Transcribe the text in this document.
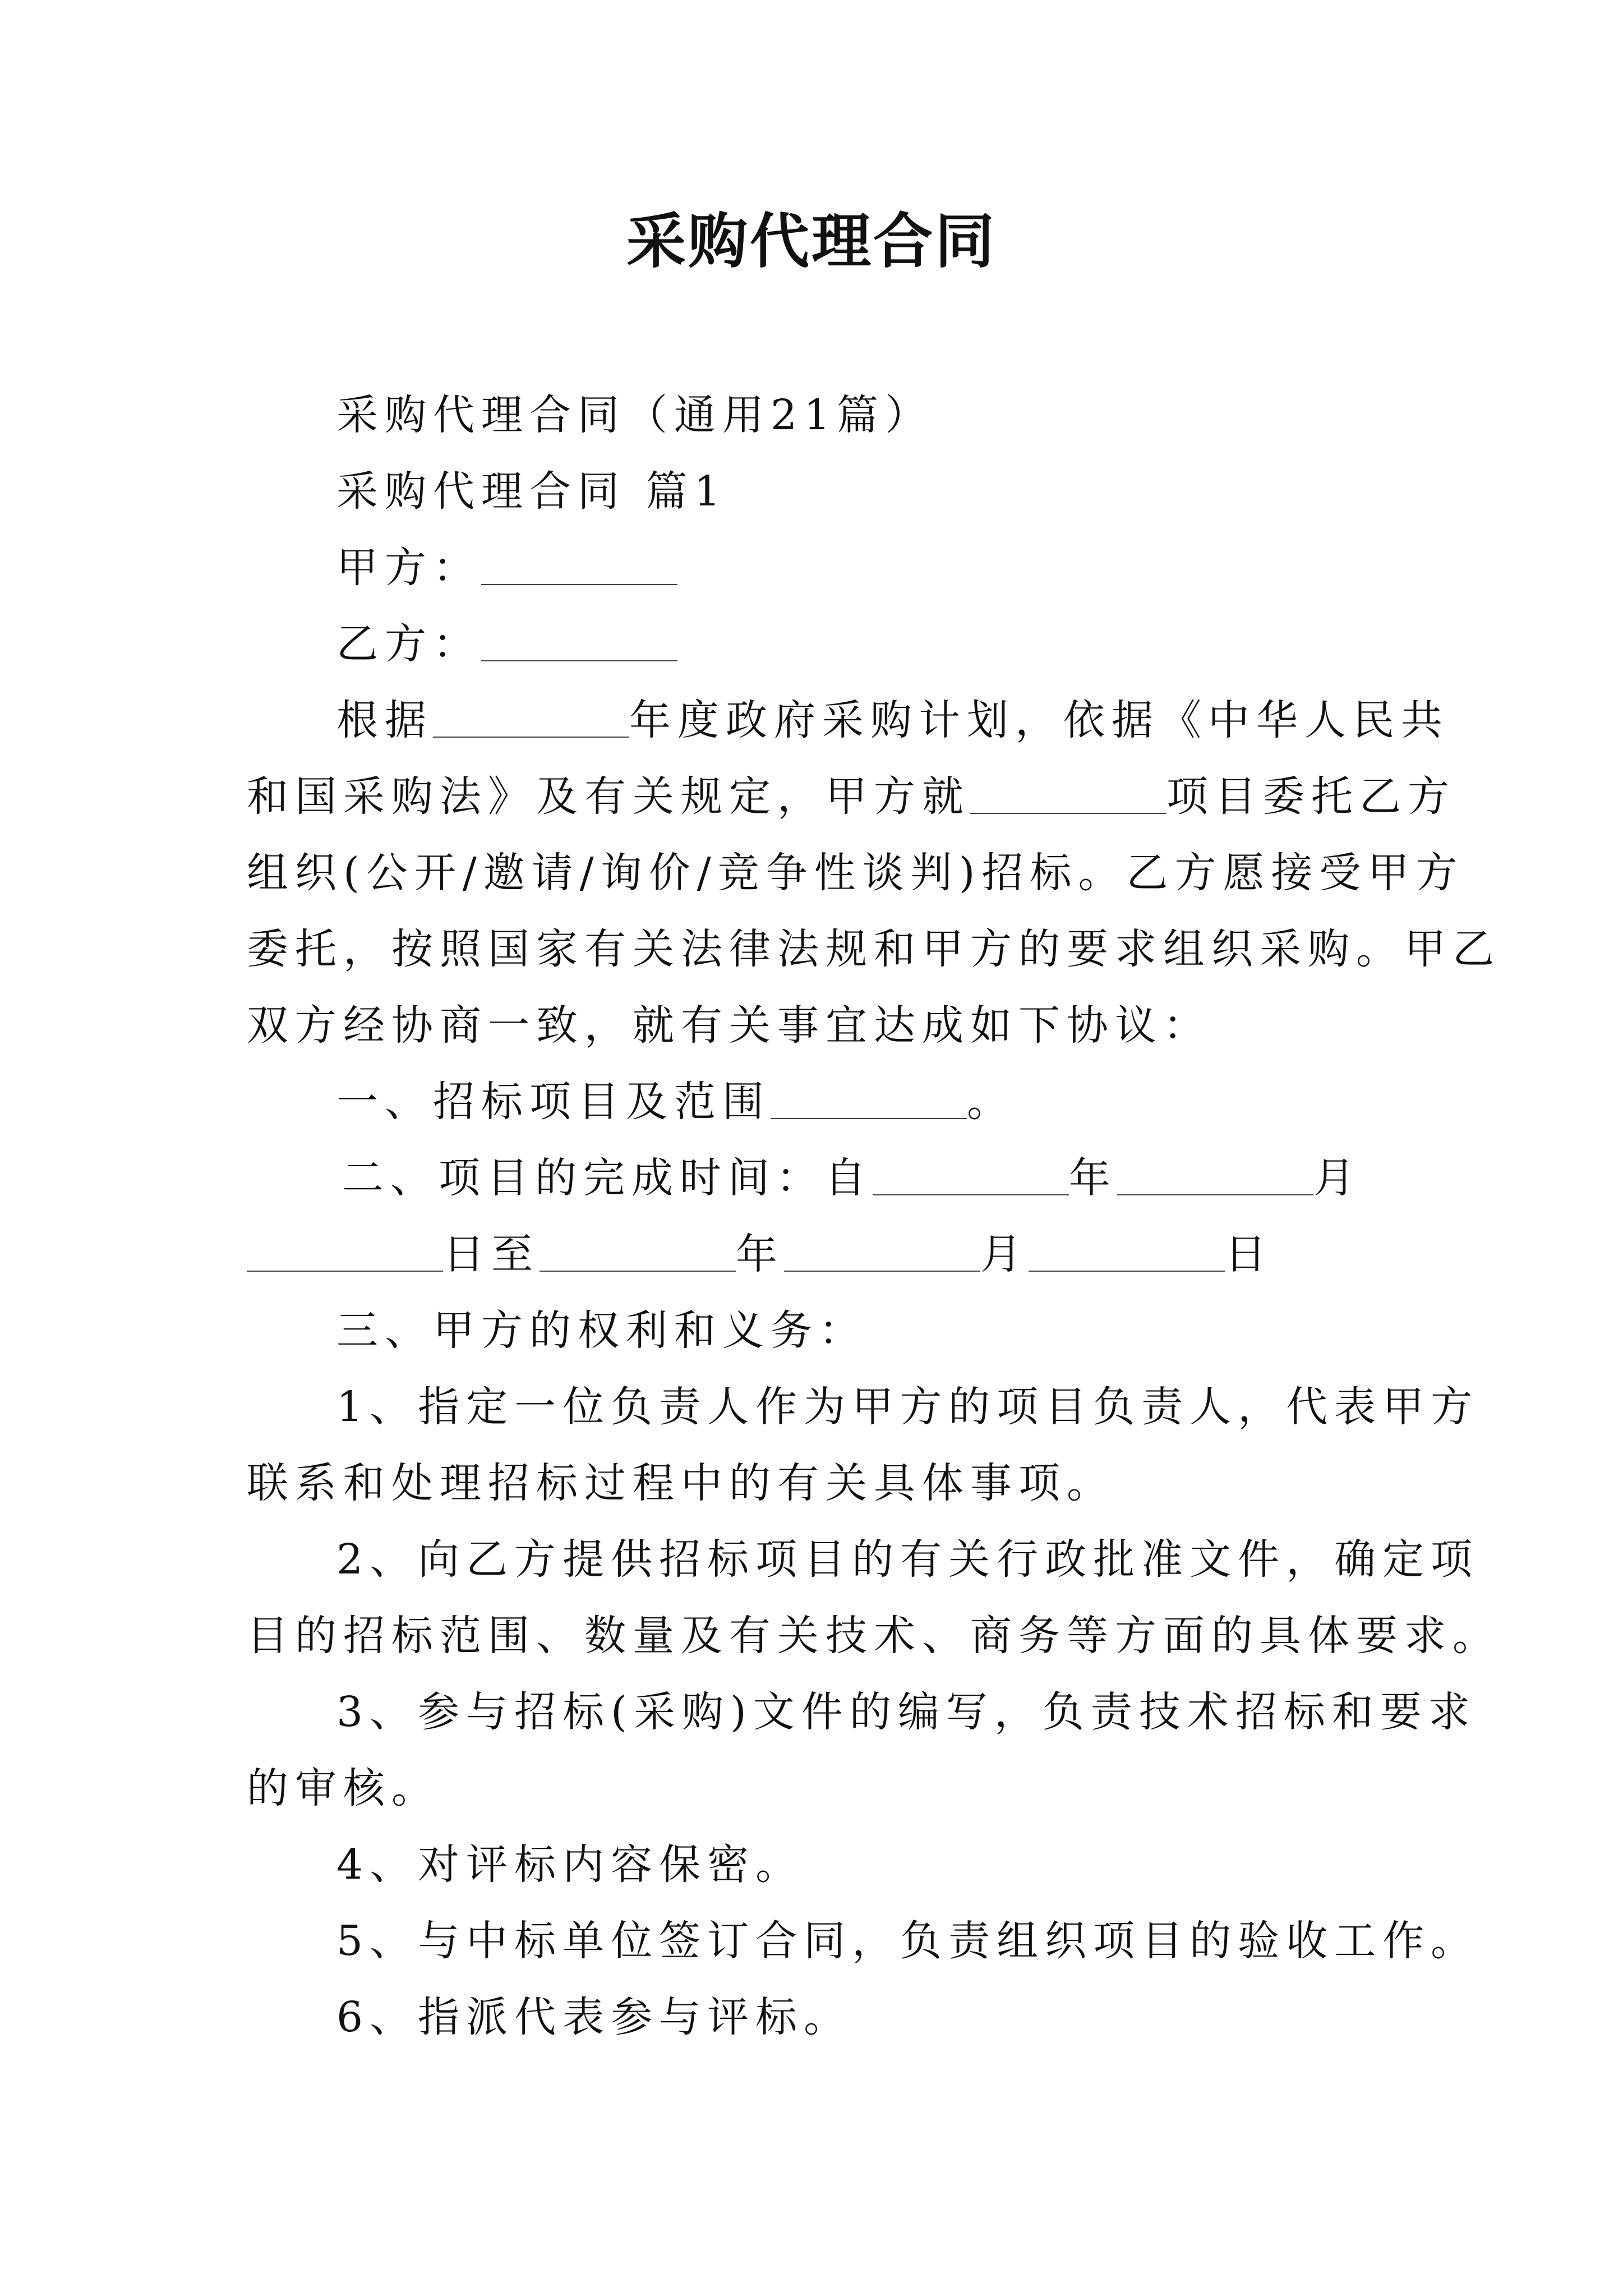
采购代理合同
采购代理合同（通用21篇）
采购代理合同 篇1
甲方：
乙方：
根据	年度政府采购计划，依据《中华人民共
和国采购法》及有关规定，甲方就	项目委托乙方
组织(公开/邀请/询价/竞争性谈判)招标。乙方愿接受甲方
委托，按照国家有关法律法规和甲方的要求组织采购。甲乙
双方经协商一致，就有关事宜达成如下协议：
一、招标项目及范围	。
二、项目的完成时间：自	年	月
日至	年	月	日
三、甲方的权利和义务：
1、指定一位负责人作为甲方的项目负责人，代表甲方
联系和处理招标过程中的有关具体事项。
2、向乙方提供招标项目的有关行政批准文件，确定项
目的招标范围、数量及有关技术、商务等方面的具体要求。
3、参与招标(采购)文件的编写，负责技术招标和要求
的审核。
4、对评标内容保密。
5、与中标单位签订合同，负责组织项目的验收工作。
6、指派代表参与评标。
